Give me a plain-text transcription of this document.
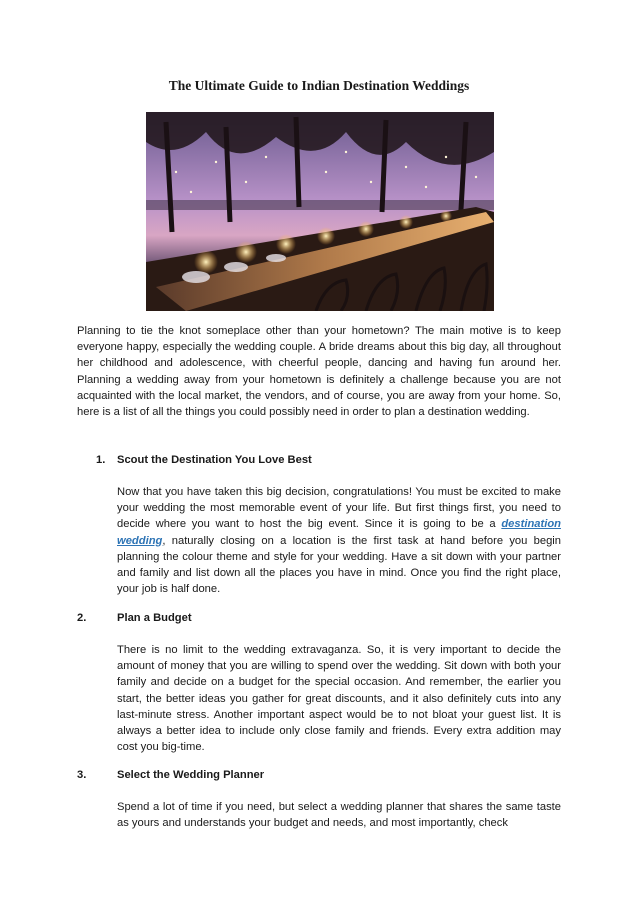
The Ultimate Guide to Indian Destination Weddings

Planning to tie the knot someplace other than your hometown? The main motive is to keep everyone happy, especially the wedding couple. A bride dreams about this big day, all throughout her childhood and adolescence, with cheerful people, dancing and having fun around her. Planning a wedding away from your hometown is definitely a challenge because you are not acquainted with the local market, the vendors, and of course, you are away from your home. So, here is a list of all the things you could possibly need in order to plan a destination wedding.

1. Scout the Destination You Love Best

Now that you have taken this big decision, congratulations! You must be excited to make your wedding the most memorable event of your life. But first things first, you need to decide where you want to host the big event. Since it is going to be a destination wedding, naturally closing on a location is the first task at hand before you begin planning the colour theme and style for your wedding. Have a sit down with your partner and family and list down all the places you have in mind. Once you find the right place, your job is half done.

2.	Plan a Budget

There is no limit to the wedding extravaganza. So, it is very important to decide the amount of money that you are willing to spend over the wedding. Sit down with both your family and decide on a budget for the special occasion. And remember, the earlier you start, the better ideas you gather for great discounts, and it also definitely cuts into any last-minute stress. Another important aspect would be to not bloat your guest list. It is always a better idea to include only close family and friends. Every extra addition may cost you big-time.

3.	Select the Wedding Planner

Spend a lot of time if you need, but select a wedding planner that shares the same taste as yours and understands your budget and needs, and most importantly, check
